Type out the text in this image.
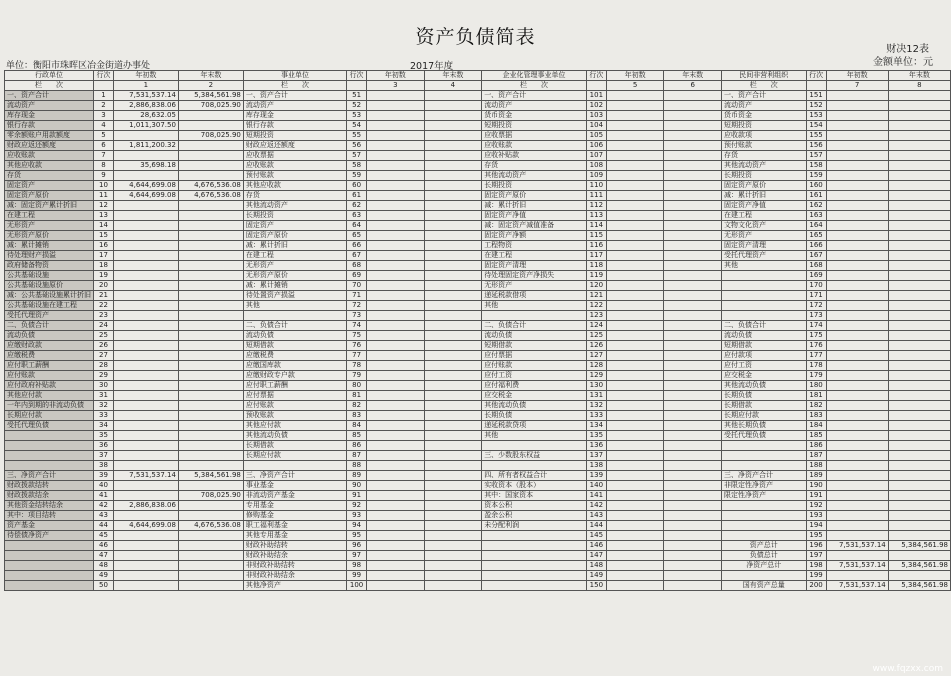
资产负债简表
财决12表
单位：衡阳市珠晖区冶金街道办事处	2017年度	金额单位：元
行政单位	行次	年初数	年末数	事业单位	行次	年初数	年末数	企业化管理事业单位	行次	年初数	年末数	民间非营利组织	行次	年初数	年末数
栏　　次		1	2	栏　　次		3	4	栏　　次		5	6	栏　　次		7	8
一、资产合计	1	7,531,537.14	5,384,561.98	一、资产合计	51			一、资产合计	101			一、资产合计	151		
流动资产	2	2,886,838.06	708,025.90	流动资产	52			流动资产	102			流动资产	152		
库存现金	3	28,632.05		库存现金	53			货币资金	103			货币资金	153		
银行存款	4	1,011,307.50		银行存款	54			短期投资	104			短期投资	154		
零余额账户用款额度	5		708,025.90	短期投资	55			应收票据	105			应收款项	155		
财政应返还额度	6	1,811,200.32		财政应返还额度	56			应收账款	106			预付账款	156		
应收账款	7			应收票据	57			应收补贴款	107			存货	157		
其他应收款	8	35,698.18		应收账款	58			存货	108			其他流动资产	158		
存货	9			预付账款	59			其他流动资产	109			长期投资	159		
固定资产	10	4,644,699.08	4,676,536.08	其他应收款	60			长期投资	110			固定资产原价	160		
固定资产原价	11	4,644,699.08	4,676,536.08	存货	61			固定资产原价	111			减：累计折旧	161		
减：固定资产累计折旧	12			其他流动资产	62			减：累计折旧	112			固定资产净值	162		
在建工程	13			长期投资	63			固定资产净值	113			在建工程	163		
无形资产	14			固定资产	64			减：固定资产减值准备	114			文物文化资产	164		
无形资产原价	15			固定资产原价	65			固定资产净额	115			无形资产	165		
减：累计摊销	16			减：累计折旧	66			工程物资	116			固定资产清理	166		
待处理财产损溢	17			在建工程	67			在建工程	117			受托代理资产	167		
政府储备物资	18			无形资产	68			固定资产清理	118			其他	168		
公共基础设施	19			无形资产原价	69			待处理固定资产净损失	119				169		
公共基础设施原价	20			减：累计摊销	70			无形资产	120				170		
减：公共基础设施累计折旧	21			待处置资产损溢	71			递延税款借项	121				171		
公共基础设施在建工程	22			其他	72			其他	122				172		
受托代理资产	23				73				123				173		
二、负债合计	24			二、负债合计	74			二、负债合计	124			二、负债合计	174		
流动负债	25			流动负债	75			流动负债	125			流动负债	175		
应缴财政款	26			短期借款	76			短期借款	126			短期借款	176		
应缴税费	27			应缴税费	77			应付票据	127			应付款项	177		
应付职工薪酬	28			应缴国库款	78			应付账款	128			应付工资	178		
应付账款	29			应缴财政专户款	79			应付工资	129			应交税金	179		
应付政府补贴款	30			应付职工薪酬	80			应付福利费	130			其他流动负债	180		
其他应付款	31			应付票据	81			应交税金	131			长期负债	181		
一年内到期的非流动负债	32			应付账款	82			其他流动负债	132			长期借款	182		
长期应付款	33			预收账款	83			长期负债	133			长期应付款	183		
受托代理负债	34			其他应付款	84			递延税款贷项	134			其他长期负债	184		
	35			其他流动负债	85			其他	135			受托代理负债	185		
	36			长期借款	86				136				186		
	37			长期应付款	87			三、少数股东权益	137				187		
	38				88				138				188		
三、净资产合计	39	7,531,537.14	5,384,561.98	三、净资产合计	89			四、所有者权益合计	139			三、净资产合计	189		
财政拨款结转	40			事业基金	90			实收资本（股本）	140			非限定性净资产	190		
财政拨款结余	41		708,025.90	非流动资产基金	91			其中：国家资本	141			限定性净资产	191		
其他资金结转结余	42	2,886,838.06		专用基金	92			资本公积	142				192		
其中：项目结转	43			修购基金	93			盈余公积	143				193		
资产基金	44	4,644,699.08	4,676,536.08	职工福利基金	94			未分配利润	144				194		
待偿债净资产	45			其他专用基金	95				145				195		
	46			财政补助结转	96				146			资产总计	196	7,531,537.14	5,384,561.98
	47			财政补助结余	97				147			负债总计	197		
	48			非财政补助结转	98				148			净资产总计	198	7,531,537.14	5,384,561.98
	49			非财政补助结余	99				149				199		
	50			其他净资产	100				150			国有资产总量	200	7,531,537.14	5,384,561.98
www.fqzxx.com
